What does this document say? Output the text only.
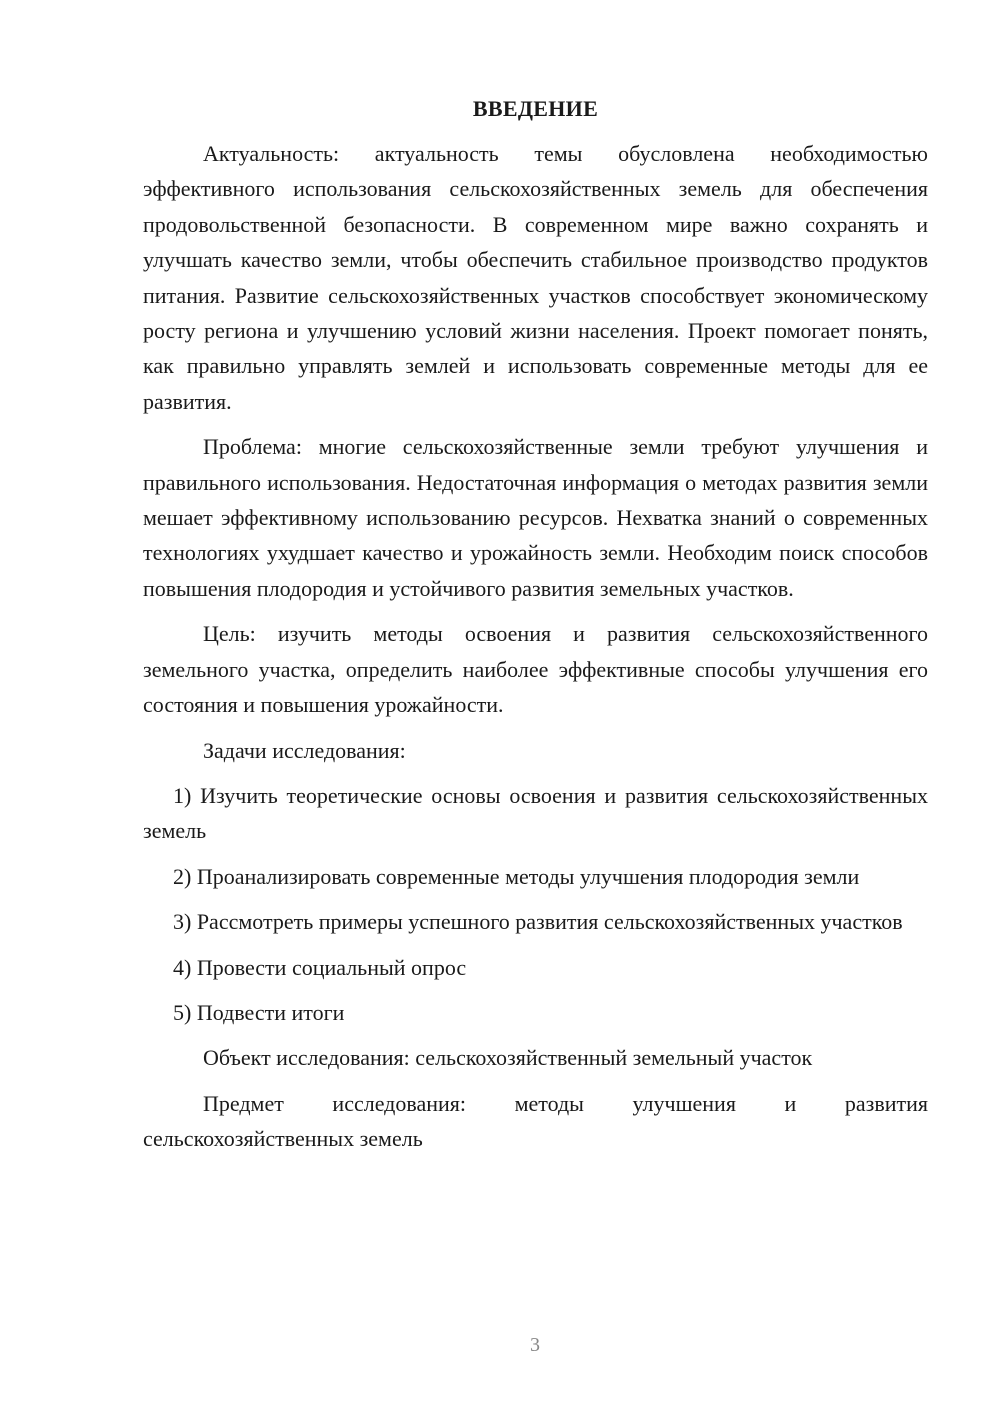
ВВЕДЕНИЕ

Актуальность: актуальность темы обусловлена необходимостью эффективного использования сельскохозяйственных земель для обеспечения продовольственной безопасности. В современном мире важно сохранять и улучшать качество земли, чтобы обеспечить стабильное производство продуктов питания. Развитие сельскохозяйственных участков способствует экономическому росту региона и улучшению условий жизни населения. Проект помогает понять, как правильно управлять землей и использовать современные методы для ее развития.

Проблема: многие сельскохозяйственные земли требуют улучшения и правильного использования. Недостаточная информация о методах развития земли мешает эффективному использованию ресурсов. Нехватка знаний о современных технологиях ухудшает качество и урожайность земли. Необходим поиск способов повышения плодородия и устойчивого развития земельных участков.

Цель: изучить методы освоения и развития сельскохозяйственного земельного участка, определить наиболее эффективные способы улучшения его состояния и повышения урожайности.

Задачи исследования:

1) Изучить теоретические основы освоения и развития сельскохозяйственных земель

2) Проанализировать современные методы улучшения плодородия земли

3) Рассмотреть примеры успешного развития сельскохозяйственных участков

4) Провести социальный опрос

5) Подвести итоги

Объект исследования: сельскохозяйственный земельный участок

Предмет исследования: методы улучшения и развития сельскохозяйственных земель

3
